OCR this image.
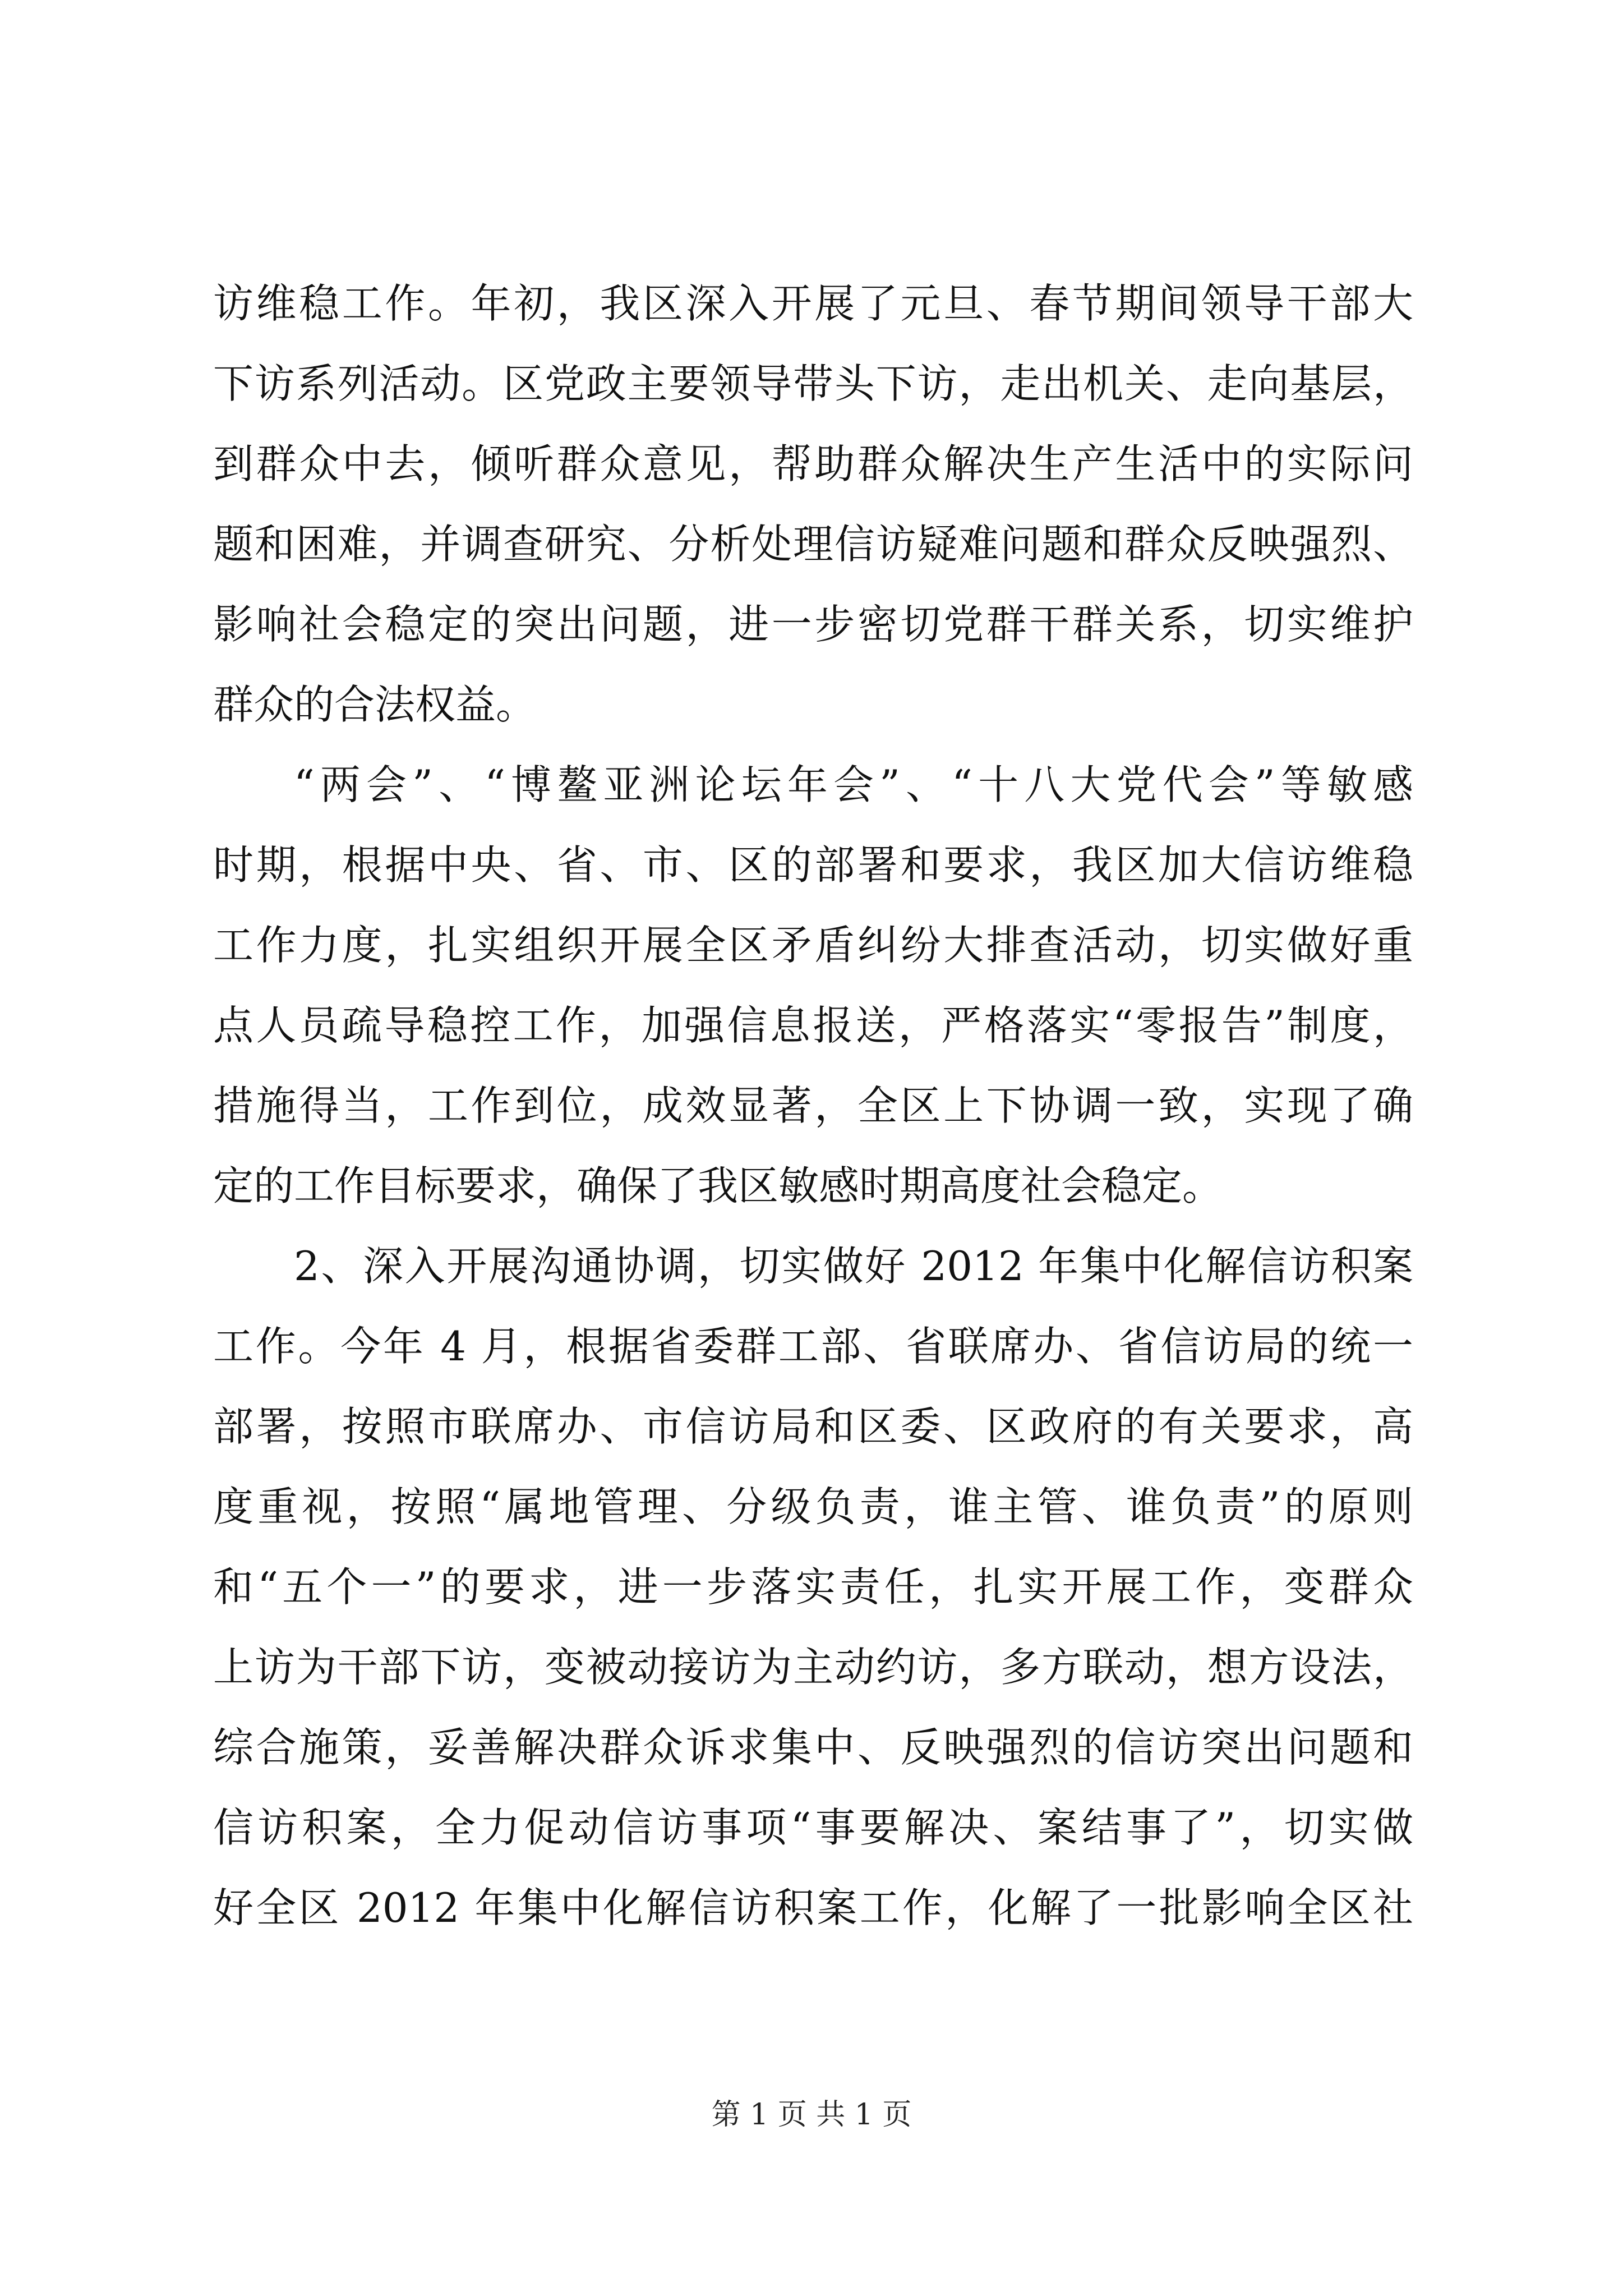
访维稳工作。年初，我区深入开展了元旦、春节期间领导干部大
下访系列活动。区党政主要领导带头下访，走出机关、走向基层，
到群众中去，倾听群众意见，帮助群众解决生产生活中的实际问
题和困难，并调查研究、分析处理信访疑难问题和群众反映强烈、
影响社会稳定的突出问题，进一步密切党群干群关系，切实维护
群众的合法权益。
“两会”、“博鳌亚洲论坛年会”、“十八大党代会”等敏感
时期，根据中央、省、市、区的部署和要求，我区加大信访维稳
工作力度，扎实组织开展全区矛盾纠纷大排查活动，切实做好重
点人员疏导稳控工作，加强信息报送，严格落实“零报告”制度，
措施得当，工作到位，成效显著，全区上下协调一致，实现了确
定的工作目标要求，确保了我区敏感时期高度社会稳定。
2、深入开展沟通协调，切实做好 2012 年集中化解信访积案
工作。今年 4 月，根据省委群工部、省联席办、省信访局的统一
部署，按照市联席办、市信访局和区委、区政府的有关要求，高
度重视，按照“属地管理、分级负责，谁主管、谁负责”的原则
和“五个一”的要求，进一步落实责任，扎实开展工作，变群众
上访为干部下访，变被动接访为主动约访，多方联动，想方设法，
综合施策，妥善解决群众诉求集中、反映强烈的信访突出问题和
信访积案，全力促动信访事项“事要解决、案结事了”，切实做
好全区 2012 年集中化解信访积案工作，化解了一批影响全区社
第 1 页 共 1 页
